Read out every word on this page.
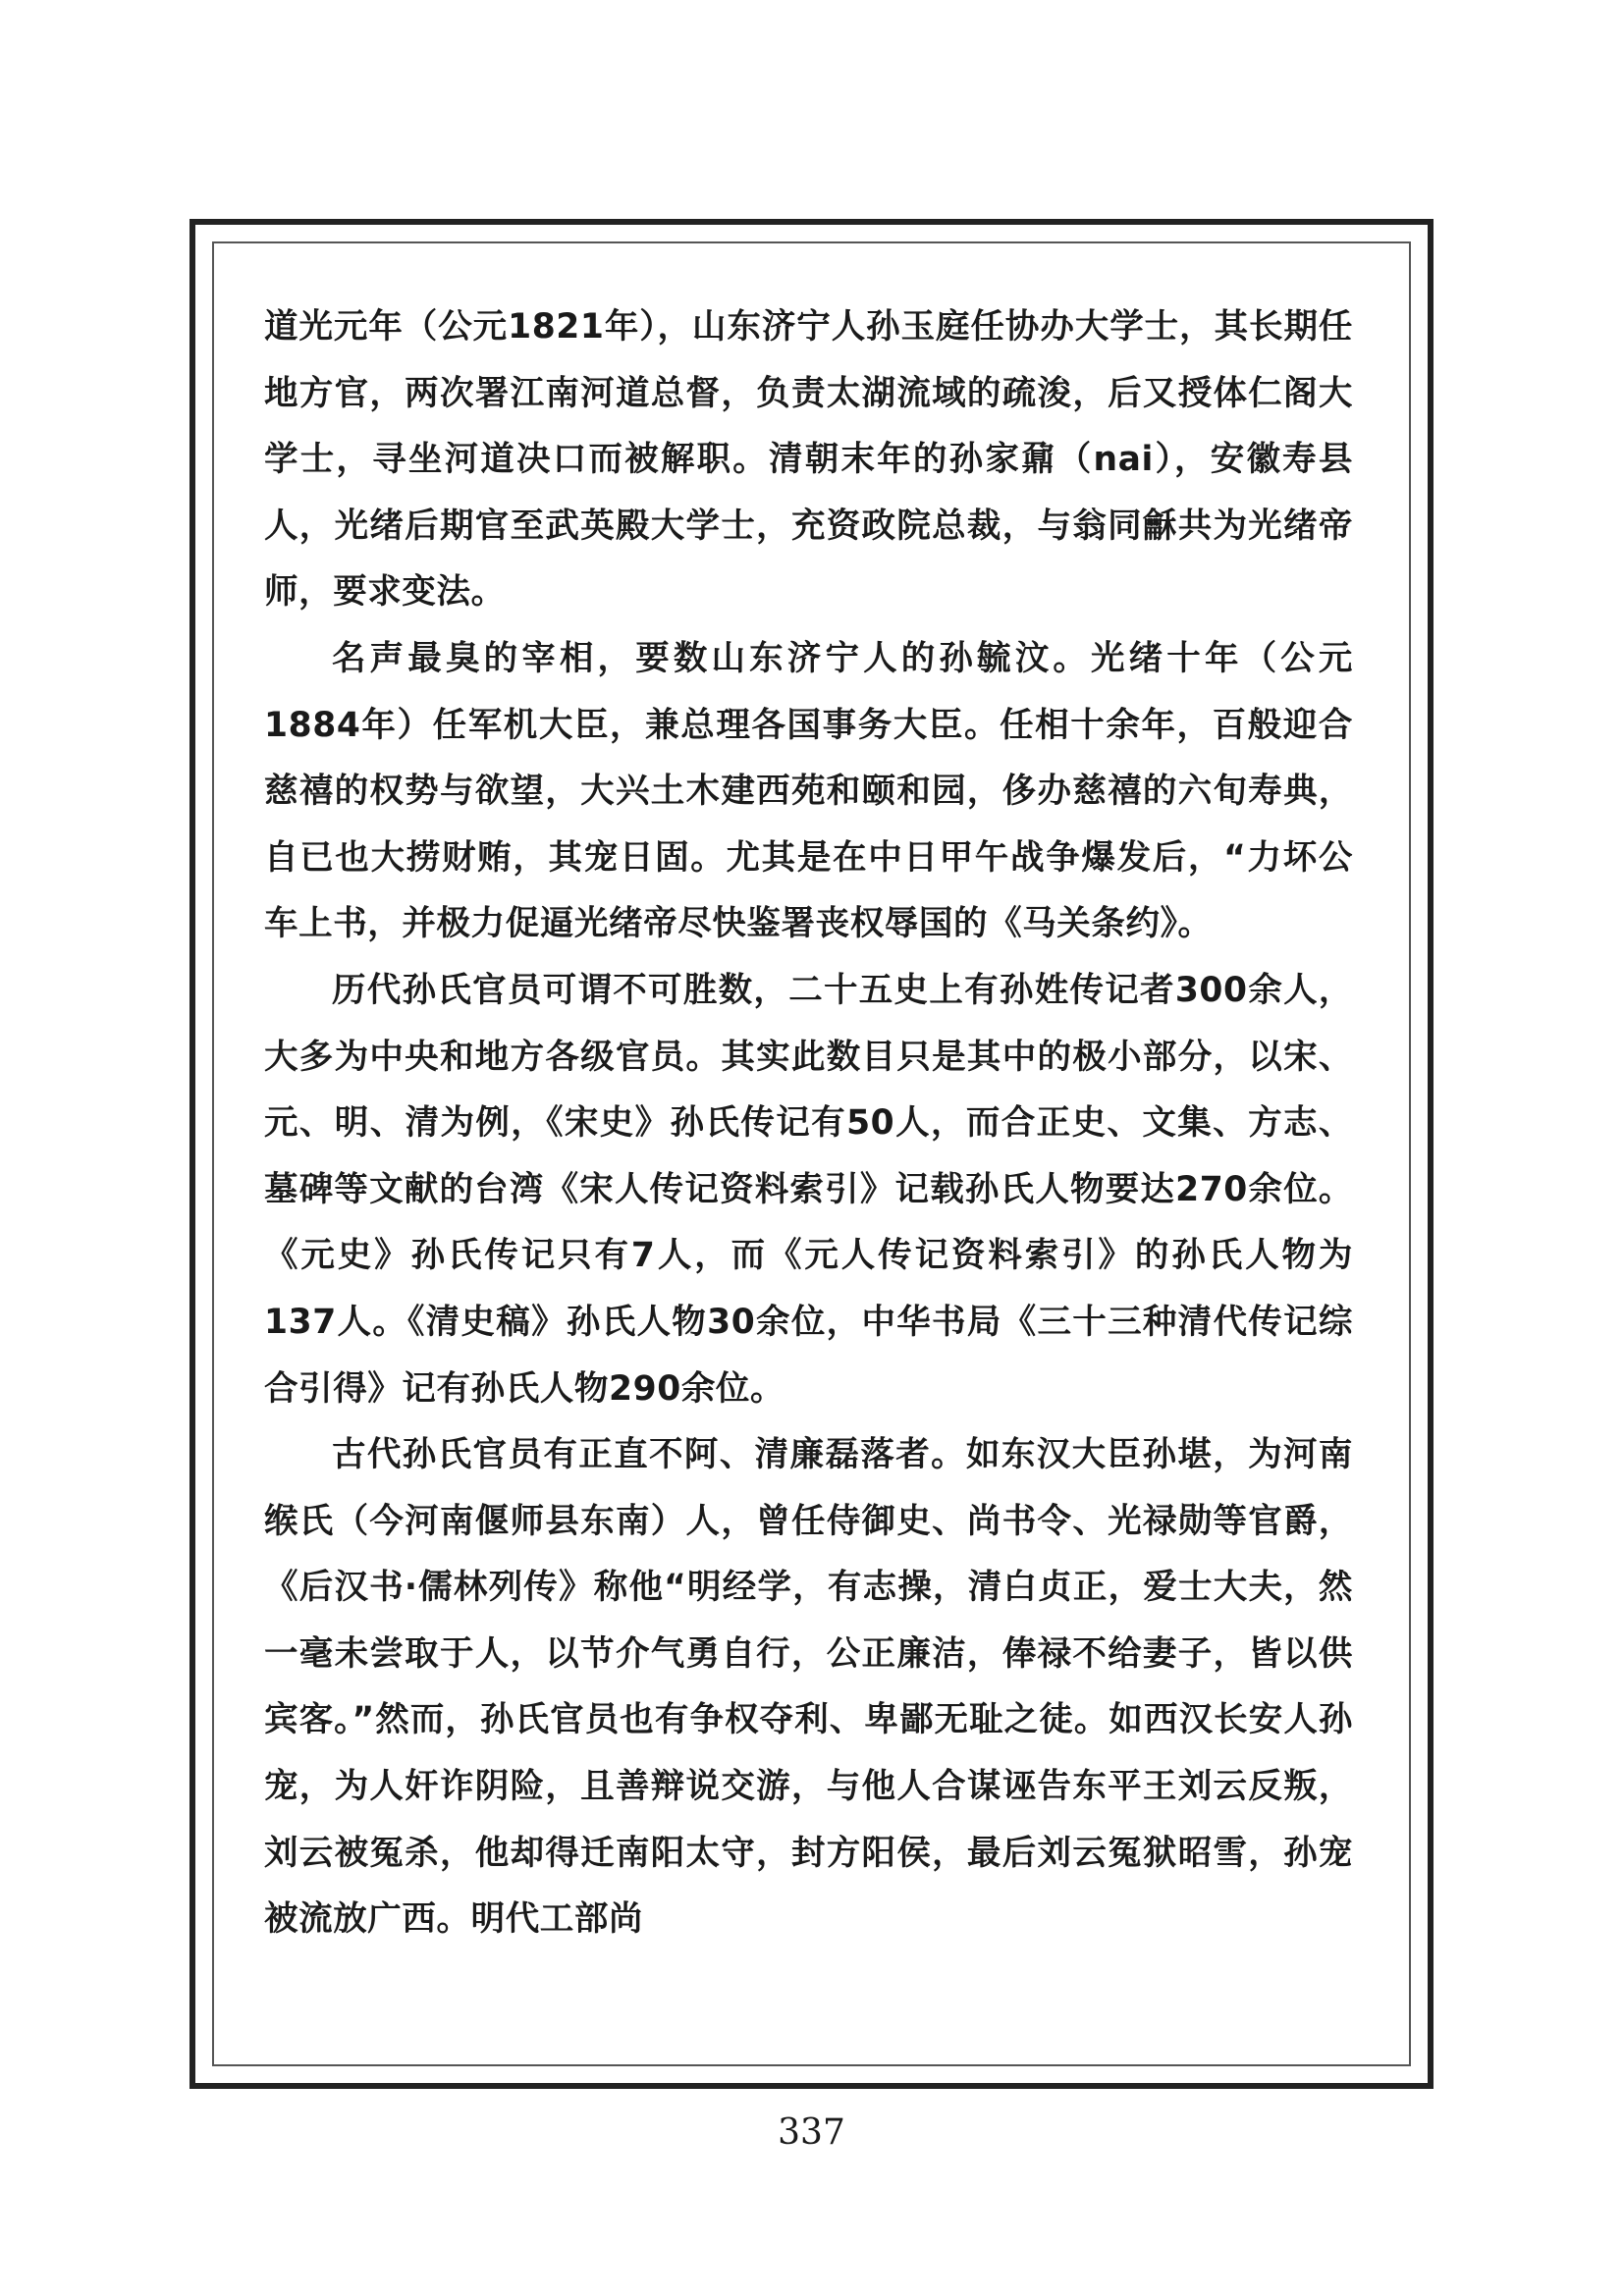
道光元年（公元1821年），山东济宁人孙玉庭任协办大学士，其长期任地方官，两次署江南河道总督，负责太湖流域的疏浚，后又授体仁阁大学士，寻坐河道决口而被解职。清朝末年的孙家鼐（nai），安徽寿县人，光绪后期官至武英殿大学士，充资政院总裁，与翁同龢共为光绪帝师，要求变法。

名声最臭的宰相，要数山东济宁人的孙毓汶。光绪十年（公元1884年）任军机大臣，兼总理各国事务大臣。任相十余年，百般迎合慈禧的权势与欲望，大兴土木建西苑和颐和园，侈办慈禧的六旬寿典，自已也大捞财贿，其宠日固。尤其是在中日甲午战争爆发后，“力坏公车上书，并极力促逼光绪帝尽快鉴署丧权辱国的《马关条约》。

历代孙氏官员可谓不可胜数，二十五史上有孙姓传记者300余人，大多为中央和地方各级官员。其实此数目只是其中的极小部分，以宋、元、明、清为例，《宋史》孙氏传记有50人，而合正史、文集、方志、墓碑等文献的台湾《宋人传记资料索引》记载孙氏人物要达270余位。《元史》孙氏传记只有7人，而《元人传记资料索引》的孙氏人物为137人。《清史稿》孙氏人物30余位，中华书局《三十三种清代传记综合引得》记有孙氏人物290余位。

古代孙氏官员有正直不阿、清廉磊落者。如东汉大臣孙堪，为河南缑氏（今河南偃师县东南）人，曾任侍御史、尚书令、光禄勋等官爵，《后汉书·儒林列传》称他“明经学，有志操，清白贞正，爱士大夫，然一毫未尝取于人，以节介气勇自行，公正廉洁，俸禄不给妻子，皆以供宾客。”然而，孙氏官员也有争权夺利、卑鄙无耻之徒。如西汉长安人孙宠，为人奸诈阴险，且善辩说交游，与他人合谋诬告东平王刘云反叛，刘云被冤杀，他却得迁南阳太守，封方阳侯，最后刘云冤狱昭雪，孙宠被流放广西。明代工部尚

337
